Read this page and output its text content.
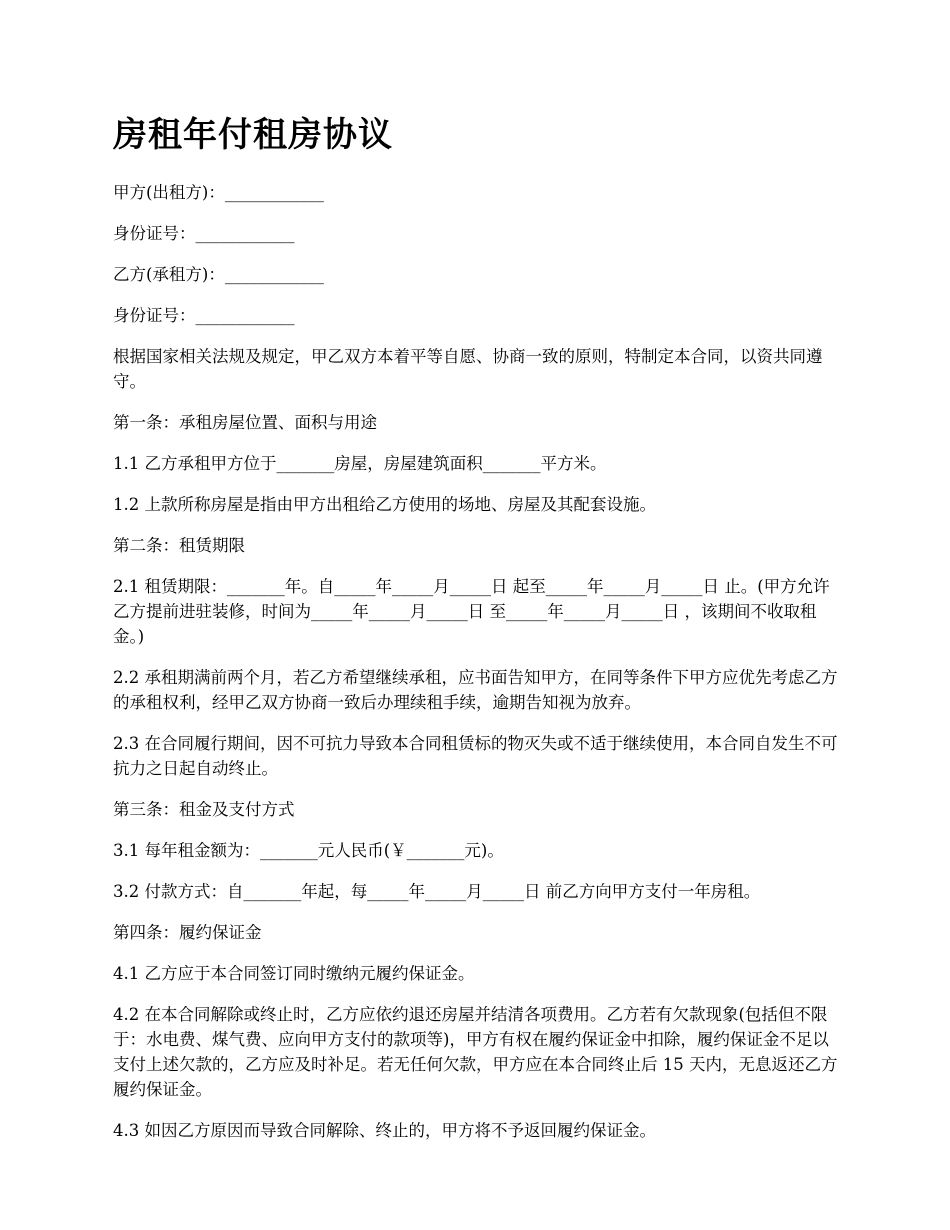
房租年付租房协议

甲方(出租方)：____________

身份证号：____________

乙方(承租方)：____________

身份证号：____________

根据国家相关法规及规定，甲乙双方本着平等自愿、协商一致的原则，特制定本合同，以资共同遵守。

第一条：承租房屋位置、面积与用途

1.1 乙方承租甲方位于_______房屋，房屋建筑面积_______平方米。

1.2 上款所称房屋是指由甲方出租给乙方使用的场地、房屋及其配套设施。

第二条：租赁期限

2.1 租赁期限：_______年。自_____年_____月_____日 起至_____年_____月_____日 止。(甲方允许乙方提前进驻装修，时间为_____年_____月_____日 至_____年_____月_____日 ，该期间不收取租金。)

2.2 承租期满前两个月，若乙方希望继续承租，应书面告知甲方，在同等条件下甲方应优先考虑乙方的承租权利，经甲乙双方协商一致后办理续租手续，逾期告知视为放弃。

2.3 在合同履行期间，因不可抗力导致本合同租赁标的物灭失或不适于继续使用，本合同自发生不可抗力之日起自动终止。

第三条：租金及支付方式

3.1 每年租金额为：_______元人民币(￥_______元)。

3.2 付款方式：自_______年起，每_____年_____月_____日 前乙方向甲方支付一年房租。

第四条：履约保证金

4.1 乙方应于本合同签订同时缴纳元履约保证金。

4.2 在本合同解除或终止时，乙方应依约退还房屋并结清各项费用。乙方若有欠款现象(包括但不限于：水电费、煤气费、应向甲方支付的款项等)，甲方有权在履约保证金中扣除，履约保证金不足以支付上述欠款的，乙方应及时补足。若无任何欠款，甲方应在本合同终止后 15 天内，无息返还乙方履约保证金。

4.3 如因乙方原因而导致合同解除、终止的，甲方将不予返回履约保证金。
